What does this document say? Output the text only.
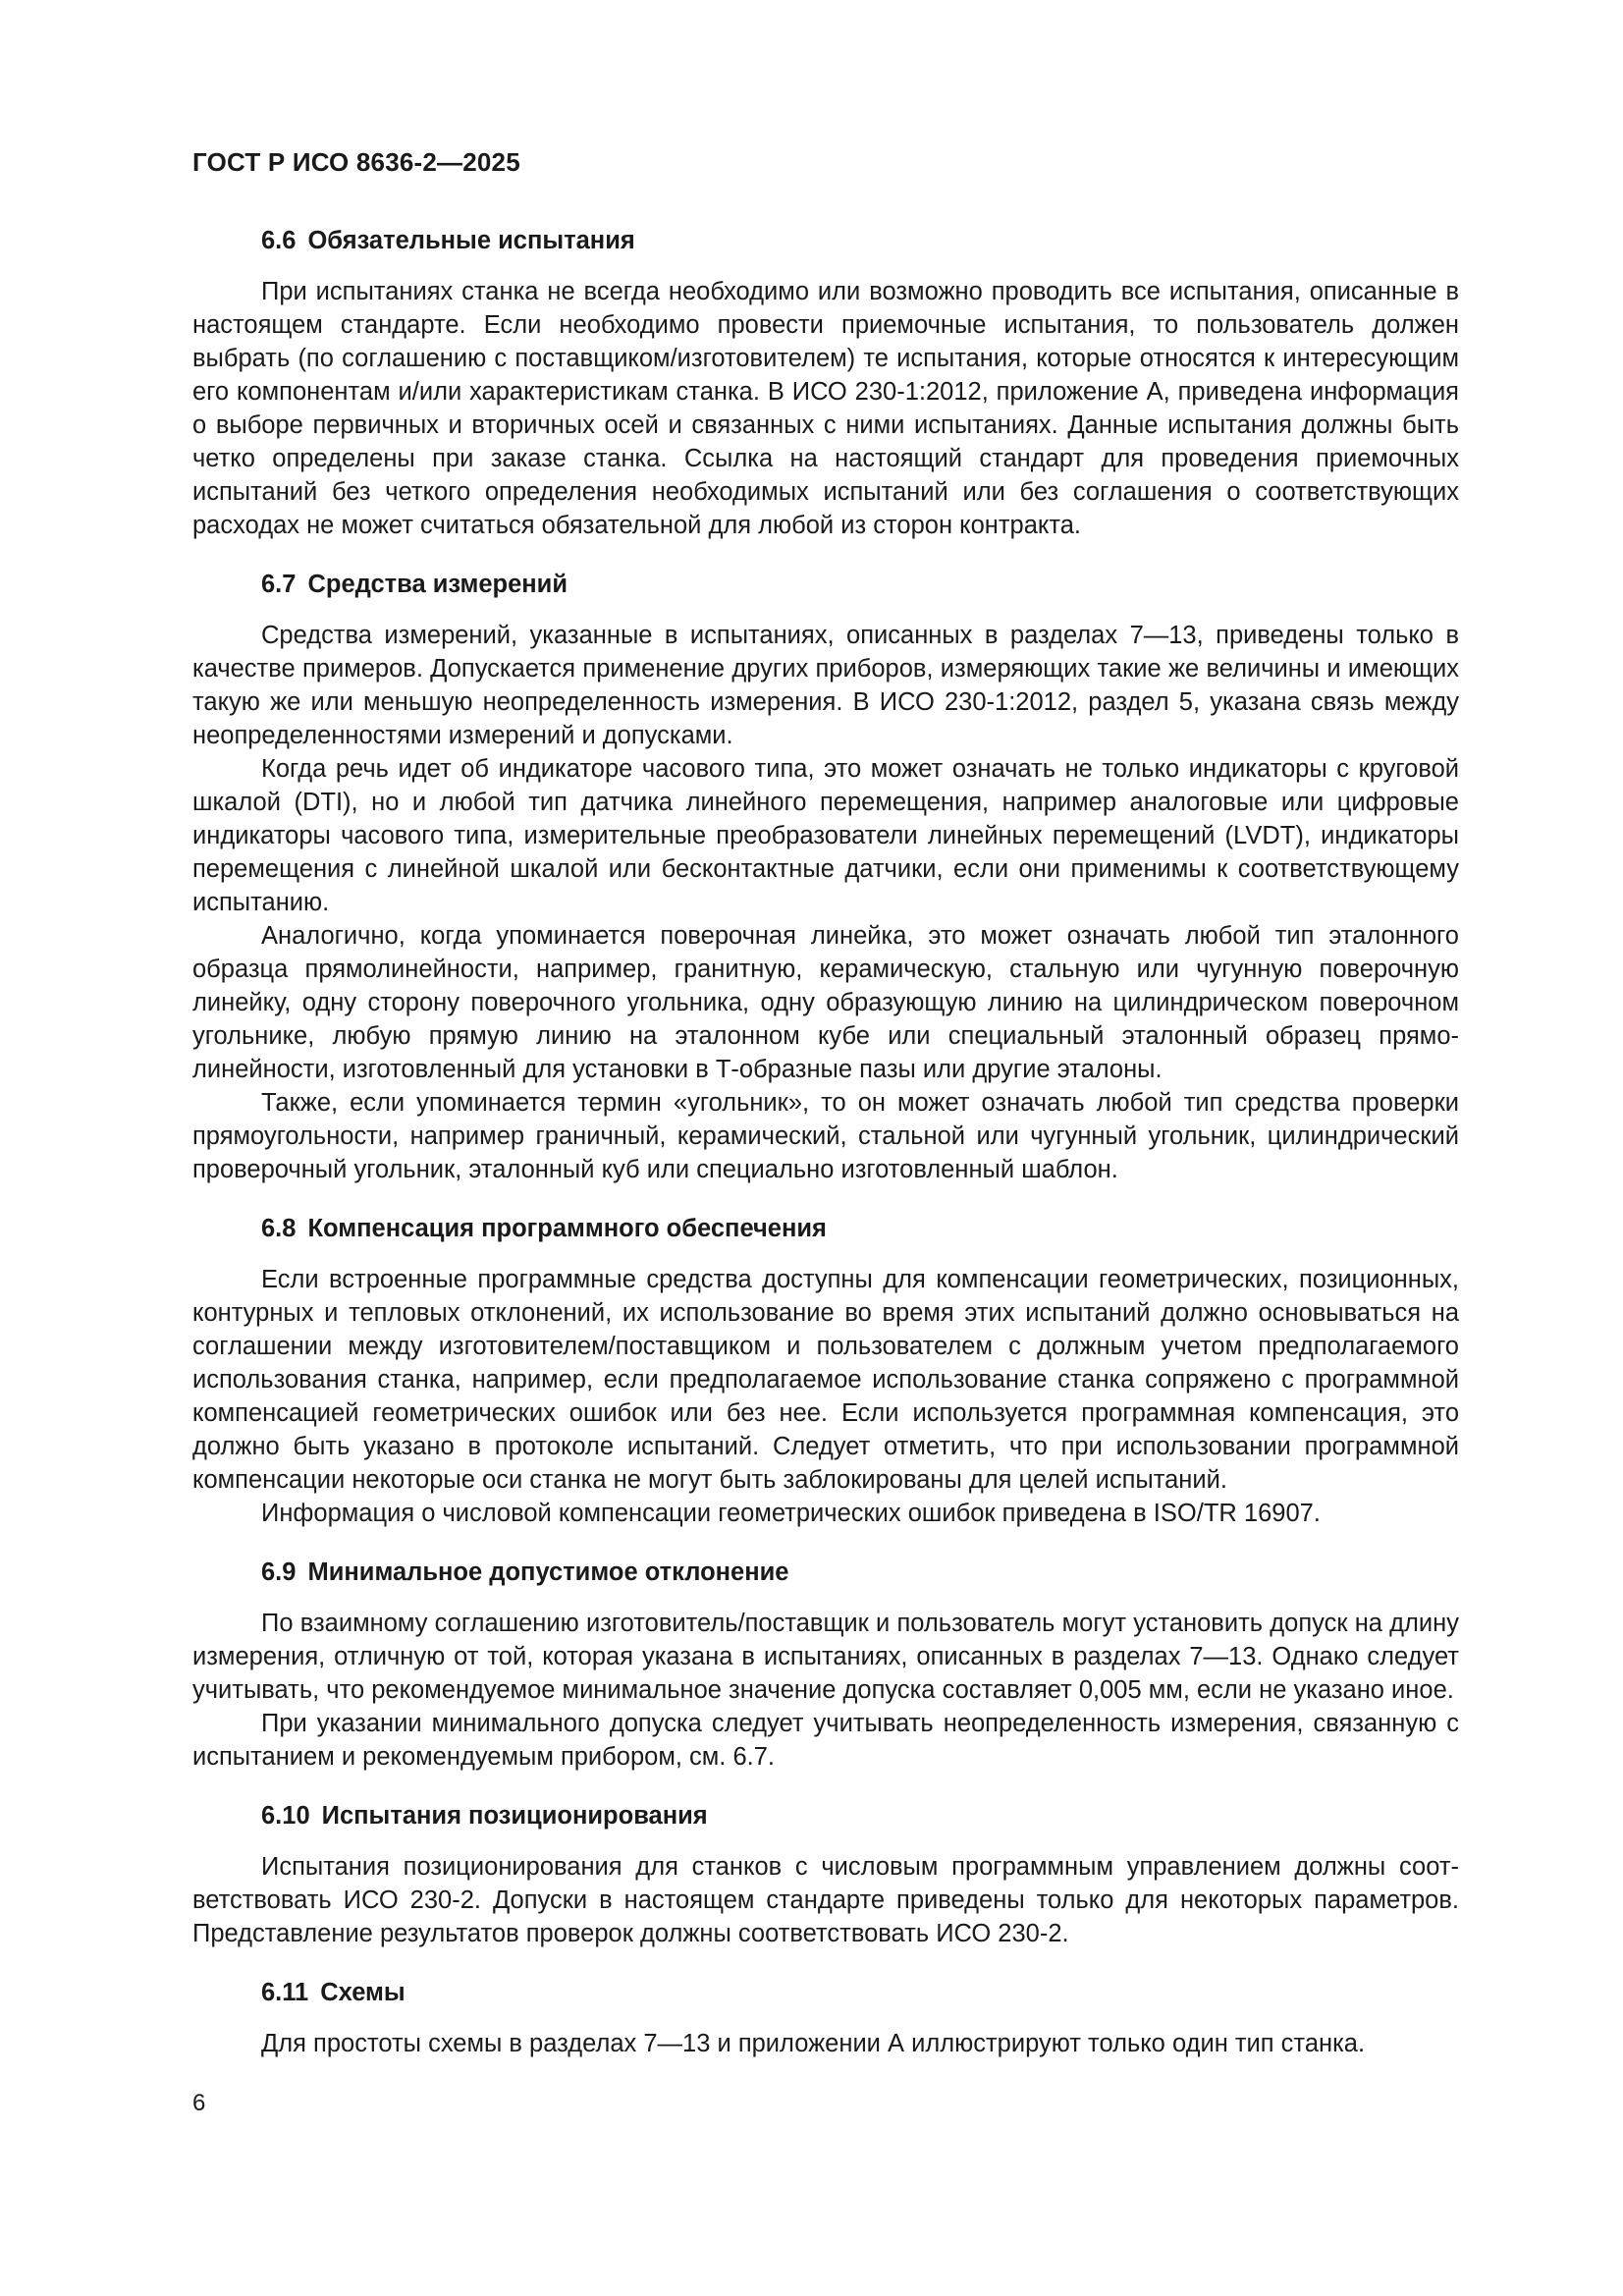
ГОСТ Р ИСО 8636-2—2025
6.6 Обязательные испытания

При испытаниях станка не всегда необходимо или возможно проводить все испытания, описанные в настоящем стандарте. Если необходимо провести приемочные испытания, то пользователь должен выбрать (по соглашению с поставщиком/изготовителем) те испытания, которые относятся к интересующим его компонентам и/или характеристикам станка. В ИСО 230-1:2012, приложение А, приведена информация о выборе первичных и вторичных осей и связанных с ними испытаниях. Данные испытания должны быть четко определены при заказе станка. Ссылка на настоящий стандарт для проведения приемочных испытаний без четкого определения необходимых испытаний или без соглашения о соответствующих расходах не может считаться обязательной для любой из сторон контракта.

6.7 Средства измерений

Средства измерений, указанные в испытаниях, описанных в разделах 7—13, приведены только в качестве примеров. Допускается применение других приборов, измеряющих такие же величины и имеющих такую же или меньшую неопределенность измерения. В ИСО 230-1:2012, раздел 5, указана связь между неопределенностями измерений и допусками.

Когда речь идет об индикаторе часового типа, это может означать не только индикаторы с круговой шкалой (DTI), но и любой тип датчика линейного перемещения, например аналоговые или цифровые индикаторы часового типа, измерительные преобразователи линейных перемещений (LVDT), индикаторы перемещения с линейной шкалой или бесконтактные датчики, если они применимы к соответствующему испытанию.

Аналогично, когда упоминается поверочная линейка, это может означать любой тип эталонного образца прямолинейности, например, гранитную, керамическую, стальную или чугунную поверочную линейку, одну сторону поверочного угольника, одну образующую линию на цилиндрическом поверочном угольнике, любую прямую линию на эталонном кубе или специальный эталонный образец прямолинейности, изготовленный для установки в Т-образные пазы или другие эталоны.

Также, если упоминается термин «угольник», то он может означать любой тип средства проверки прямоугольности, например граничный, керамический, стальной или чугунный угольник, цилиндрический проверочный угольник, эталонный куб или специально изготовленный шаблон.

6.8 Компенсация программного обеспечения

Если встроенные программные средства доступны для компенсации геометрических, позиционных, контурных и тепловых отклонений, их использование во время этих испытаний должно основываться на соглашении между изготовителем/поставщиком и пользователем с должным учетом предполагаемого использования станка, например, если предполагаемое использование станка сопряжено с программной компенсацией геометрических ошибок или без нее. Если используется программная компенсация, это должно быть указано в протоколе испытаний. Следует отметить, что при использовании программной компенсации некоторые оси станка не могут быть заблокированы для целей испытаний.

Информация о числовой компенсации геометрических ошибок приведена в ISO/TR 16907.

6.9 Минимальное допустимое отклонение

По взаимному соглашению изготовитель/поставщик и пользователь могут установить допуск на длину измерения, отличную от той, которая указана в испытаниях, описанных в разделах 7—13. Однако следует учитывать, что рекомендуемое минимальное значение допуска составляет 0,005 мм, если не указано иное.

При указании минимального допуска следует учитывать неопределенность измерения, связанную с испытанием и рекомендуемым прибором, см. 6.7.

6.10 Испытания позиционирования

Испытания позиционирования для станков с числовым программным управлением должны соответствовать ИСО 230-2. Допуски в настоящем стандарте приведены только для некоторых параметров. Представление результатов проверок должны соответствовать ИСО 230-2.

6.11 Схемы

Для простоты схемы в разделах 7—13 и приложении А иллюстрируют только один тип станка.

6
